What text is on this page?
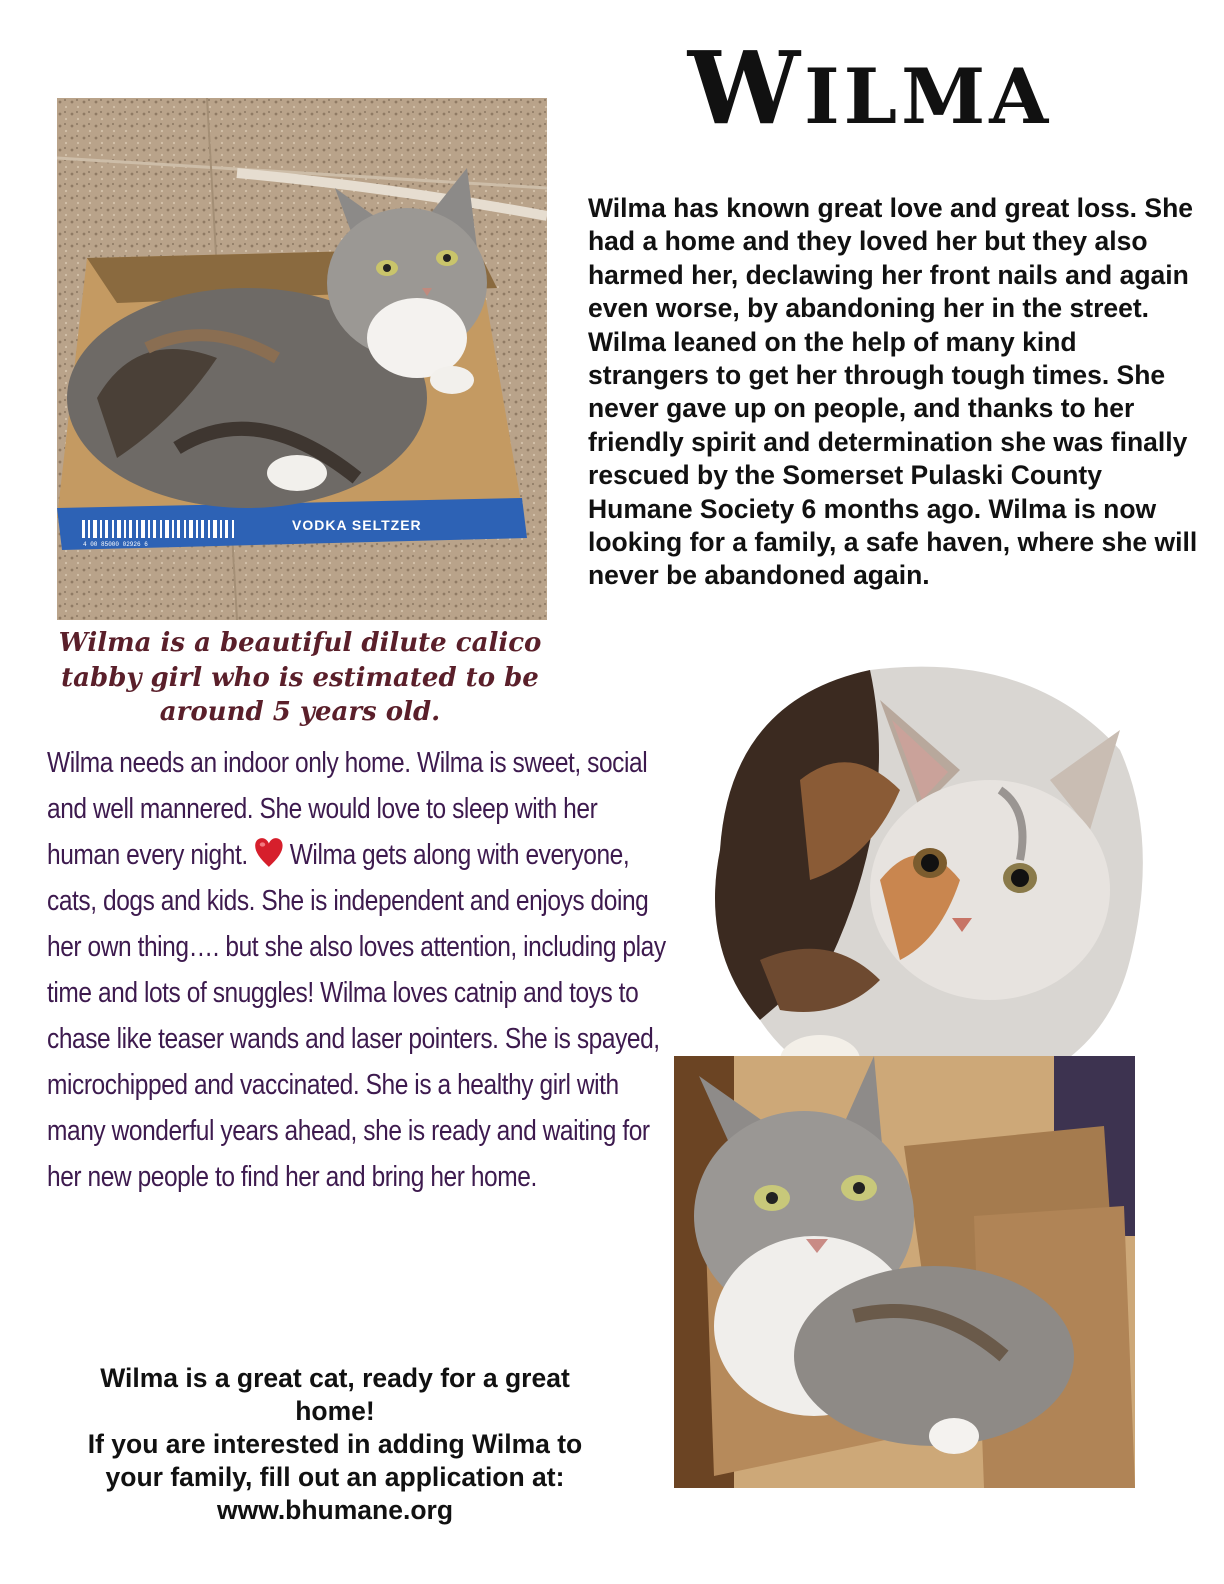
WILMA
VODKA SELTZER
4 00 85000 02926 6
Wilma is a beautiful dilute calico tabby girl who is estimated to be around 5 years old.
Wilma has known great love and great loss. She had a home and they loved her but they also harmed her, declawing her front nails and again even worse, by abandoning her in the street. Wilma leaned on the help of many kind strangers to get her through tough times. She never gave up on people, and thanks to her friendly spirit and determination she was finally rescued by the Somerset Pulaski County Humane Society 6 months ago. Wilma is now looking for a family, a safe haven, where she will never be abandoned again.
Wilma needs an indoor only home. Wilma is sweet, social and well mannered. She would love to sleep with her human every night. Wilma gets along with everyone, cats, dogs and kids. She is independent and enjoys doing her own thing…. but she also loves attention, including play time and lots of snuggles! Wilma loves catnip and toys to chase like teaser wands and laser pointers. She is spayed, microchipped and vaccinated. She is a healthy girl with many wonderful years ahead, she is ready and waiting for her new people to find her and bring her home.

Wilma is a great cat, ready for a great home!

If you are interested in adding Wilma to your family, fill out an application at: www.bhumane.org
